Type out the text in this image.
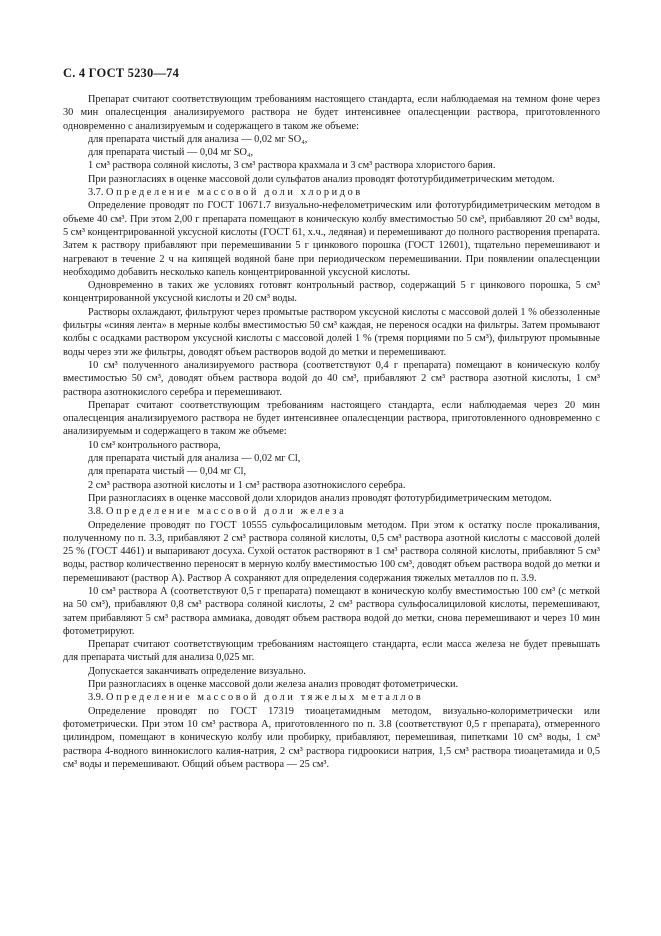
С. 4 ГОСТ 5230—74

Препарат считают соответствующим требованиям настоящего стандарта, если наблюдаемая на темном фоне через 30 мин опалесценция анализируемого раствора не будет интенсивнее опалесценции раствора, приготовленного одновременно с анализируемым и содержащего в таком же объеме:

для препарата чистый для анализа — 0,02 мг SO₄,

для препарата чистый — 0,04 мг SO₄,

1 см³ раствора соляной кислоты, 3 см³ раствора крахмала и 3 см³ раствора хлористого бария.

При разногласиях в оценке массовой доли сульфатов анализ проводят фототурбидиметрическим методом.

3.7. Определение массовой доли хлоридов

Определение проводят по ГОСТ 10671.7 визуально-нефелометрическим или фототурбидиметрическим методом в объеме 40 см³. При этом 2,00 г препарата помещают в коническую колбу вместимостью 50 см³, прибавляют 20 см³ воды, 5 см³ концентрированной уксусной кислоты (ГОСТ 61, х.ч., ледяная) и перемешивают до полного растворения препарата. Затем к раствору прибавляют при перемешивании 5 г цинкового порошка (ГОСТ 12601), тщательно перемешивают и нагревают в течение 2 ч на кипящей водяной бане при периодическом перемешивании. При появлении опалесценции необходимо добавить несколько капель концентрированной уксусной кислоты.

Одновременно в таких же условиях готовят контрольный раствор, содержащий 5 г цинкового порошка, 5 см³ концентрированной уксусной кислоты и 20 см³ воды.

Растворы охлаждают, фильтруют через промытые раствором уксусной кислоты с массовой долей 1 % обеззоленные фильтры «синяя лента» в мерные колбы вместимостью 50 см³ каждая, не перенося осадки на фильтры. Затем промывают колбы с осадками раствором уксусной кислоты с массовой долей 1 % (тремя порциями по 5 см³), фильтруют промывные воды через эти же фильтры, доводят объем растворов водой до метки и перемешивают.

10 см³ полученного анализируемого раствора (соответствуют 0,4 г препарата) помещают в коническую колбу вместимостью 50 см³, доводят объем раствора водой до 40 см³, прибавляют 2 см³ раствора азотной кислоты, 1 см³ раствора азотнокислого серебра и перемешивают.

Препарат считают соответствующим требованиям настоящего стандарта, если наблюдаемая через 20 мин опалесценция анализируемого раствора не будет интенсивнее опалесценции раствора, приготовленного одновременно с анализируемым и содержащего в таком же объеме:

10 см³ контрольного раствора,

для препарата чистый для анализа — 0,02 мг Cl,

для препарата чистый — 0,04 мг Cl,

2 см³ раствора азотной кислоты и 1 см³ раствора азотнокислого серебра.

При разногласиях в оценке массовой доли хлоридов анализ проводят фототурбидиметрическим методом.

3.8. Определение массовой доли железа

Определение проводят по ГОСТ 10555 сульфосалициловым методом. При этом к остатку после прокаливания, полученному по п. 3.3, прибавляют 2 см³ раствора соляной кислоты, 0,5 см³ раствора азотной кислоты с массовой долей 25 % (ГОСТ 4461) и выпаривают досуха. Сухой остаток растворяют в 1 см³ раствора соляной кислоты, прибавляют 5 см³ воды, раствор количественно переносят в мерную колбу вместимостью 100 см³, доводят объем раствора водой до метки и перемешивают (раствор А). Раствор А сохраняют для определения содержания тяжелых металлов по п. 3.9.

10 см³ раствора А (соответствуют 0,5 г препарата) помещают в коническую колбу вместимостью 100 см³ (с меткой на 50 см³), прибавляют 0,8 см³ раствора соляной кислоты, 2 см³ раствора сульфосалициловой кислоты, перемешивают, затем прибавляют 5 см³ раствора аммиака, доводят объем раствора водой до метки, снова перемешивают и через 10 мин фотометрируют.

Препарат считают соответствующим требованиям настоящего стандарта, если масса железа не будет превышать для препарата чистый для анализа 0,025 мг.

Допускается заканчивать определение визуально.

При разногласиях в оценке массовой доли железа анализ проводят фотометрически.

3.9. Определение массовой доли тяжелых металлов

Определение проводят по ГОСТ 17319 тиоацетамидным методом, визуально-колориметрически или фотометрически. При этом 10 см³ раствора А, приготовленного по п. 3.8 (соответствуют 0,5 г препарата), отмеренного цилиндром, помещают в коническую колбу или пробирку, прибавляют, перемешивая, пипетками 10 см³ воды, 1 см³ раствора 4-водного виннокислого калия-натрия, 2 см³ раствора гидроокиси натрия, 1,5 см³ раствора тиоацетамида и 0,5 см³ воды и перемешивают. Общий объем раствора — 25 см³.
